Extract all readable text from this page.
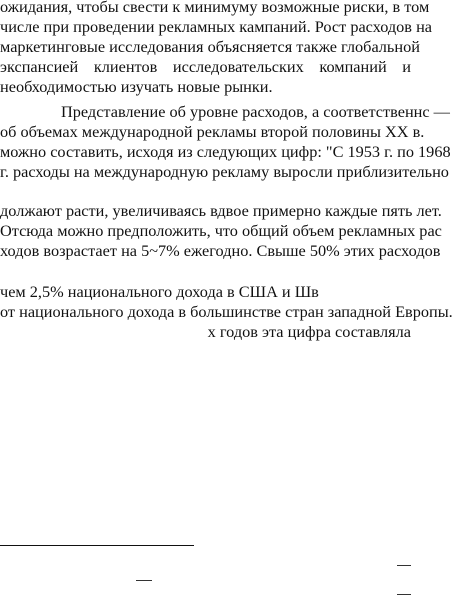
ожидания, чтобы свести к минимуму возможные риски, в том
числе при проведении рекламных кампаний. Рост расходов на
маркетинговые исследования объясняется также глобальной
экспансией клиентов исследовательских компаний и
необходимостью изучать новые рынки.
Представление об уровне расходов, а соответственнс —
об объемах международной рекламы второй половины XX в.
можно составить, исходя из следующих цифр: "С 1953 г. по 1968
г. расходы на международную рекламу выросли приблизительно
должают расти, увеличиваясь вдвое примерно каждые пять лет.
Отсюда можно предположить, что общий объем рекламных рас
ходов возрастает на 5~7% ежегодно. Свыше 50% этих расходов
чем 2,5% национального дохода в США и Шв
от национального дохода в большинстве стран западной Европы.
х годов эта цифра составляла
